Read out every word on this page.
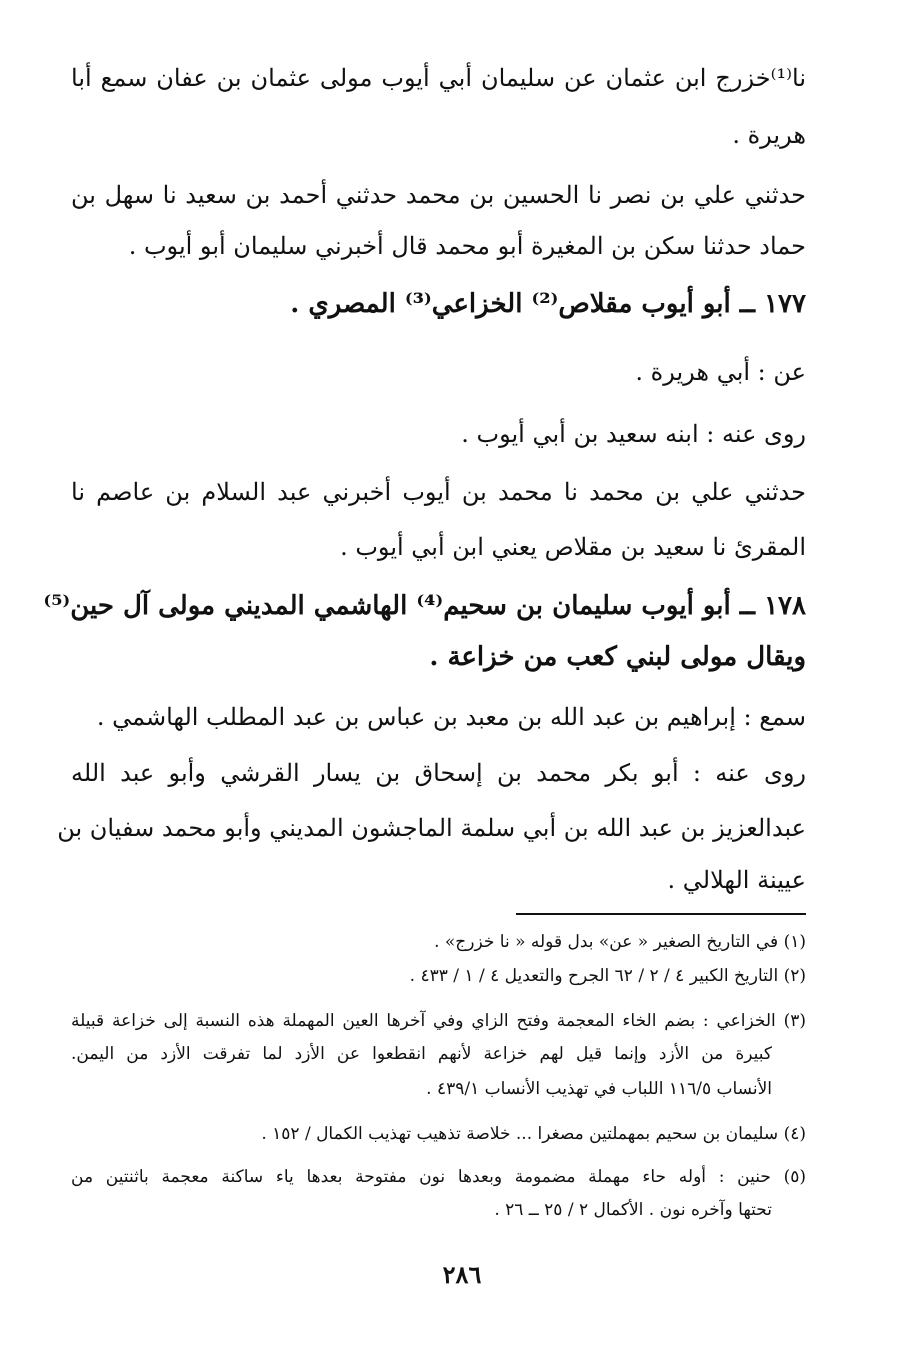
نا⁽¹⁾خزرج ابن عثمان عن سليمان أبي أيوب مولى عثمان بن عفان سمع أبا
هريرة .
حدثني علي بن نصر نا الحسين بن محمد حدثني أحمد بن سعيد نا سهل بن
حماد حدثنا سكن بن المغيرة أبو محمد قال أخبرني سليمان أبو أيوب .
١٧٧ ــ أبو أيوب مقلاص⁽²⁾ الخزاعي⁽³⁾ المصري .
عن : أبي هريرة .
روى عنه : ابنه سعيد بن أبي أيوب .
حدثني علي بن محمد نا محمد بن أيوب أخبرني عبد السلام بن عاصم نا
المقرئ نا سعيد بن مقلاص يعني ابن أبي أيوب .
١٧٨ ــ أبو أيوب سليمان بن سحيم⁽⁴⁾ الهاشمي المديني مولى آل حين⁽⁵⁾
ويقال مولى لبني كعب من خزاعة .
سمع : إبراهيم بن عبد الله بن معبد بن عباس بن عبد المطلب الهاشمي .
روى عنه : أبو بكر محمد بن إسحاق بن يسار القرشي وأبو عبد الله
عبدالعزيز بن عبد الله بن أبي سلمة الماجشون المديني وأبو محمد سفيان بن
عيينة الهلالي .
(١) في التاريخ الصغير « عن» بدل قوله « نا خزرج» .
(٢) التاريخ الكبير ٤ / ٢ / ٦٢ الجرح والتعديل ٤ / ١ / ٤٣٣ .
(٣) الخزاعي : بضم الخاء المعجمة وفتح الزاي وفي آخرها العين المهملة هذه النسبة إلى خزاعة قبيلة
كبيرة من الأزد وإنما قيل لهم خزاعة لأنهم انقطعوا عن الأزد لما تفرقت الأزد من اليمن.
الأنساب ١١٦/٥ اللباب في تهذيب الأنساب ٤٣٩/١ .
(٤) سليمان بن سحيم بمهملتين مصغرا ... خلاصة تذهيب تهذيب الكمال / ١٥٢ .
(٥) حنين : أوله حاء مهملة مضمومة وبعدها نون مفتوحة بعدها ياء ساكنة معجمة باثنتين من
تحتها وآخره نون . الأكمال ٢ / ٢٥ ــ ٢٦ .
٢٨٦
